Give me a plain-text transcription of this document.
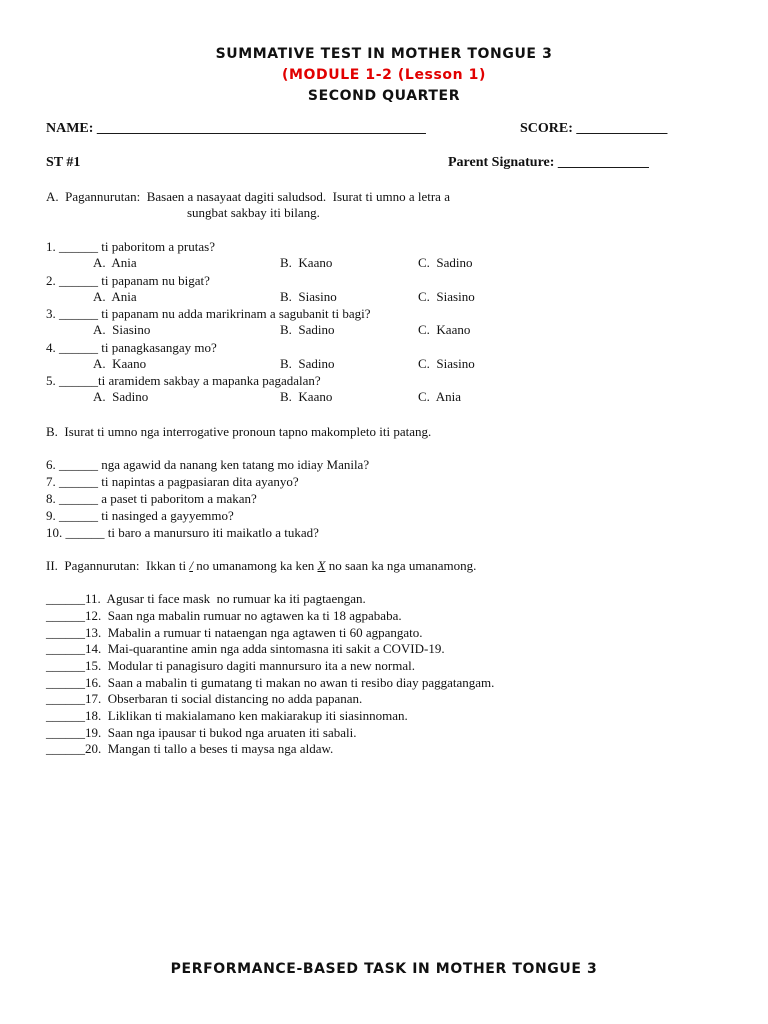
SUMMATIVE TEST IN MOTHER TONGUE 3
(MODULE 1-2 (Lesson 1)
SECOND QUARTER
NAME: _______________________________________________	SCORE: _____________
ST #1	Parent Signature: _____________
A.  Pagannurutan:  Basaen a nasayaat dagiti saludsod.  Isurat ti umno a letra a
sungbat sakbay iti bilang.
1. ______ ti paboritom a prutas?
A.  Ania	B.  Kaano	C.  Sadino
2. ______ ti papanam nu bigat?
A.  Ania	B.  Siasino	C.  Siasino
3. ______ ti papanam nu adda marikrinam a sagubanit ti bagi?
A.  Siasino	B.  Sadino	C.  Kaano
4. ______ ti panagkasangay mo?
A.  Kaano	B.  Sadino	C.  Siasino
5. ______ti aramidem sakbay a mapanka pagadalan?
A.  Sadino	B.  Kaano	C.  Ania
B.  Isurat ti umno nga interrogative pronoun tapno makompleto iti patang.
6. ______ nga agawid da nanang ken tatang mo idiay Manila?
7. ______ ti napintas a pagpasiaran dita ayanyo?
8. ______ a paset ti paboritom a makan?
9. ______ ti nasinged a gayyemmo?
10. ______ ti baro a manursuro iti maikatlo a tukad?
II.  Pagannurutan:  Ikkan ti / no umanamong ka ken X no saan ka nga umanamong.
______11.  Agusar ti face mask  no rumuar ka iti pagtaengan.
______12.  Saan nga mabalin rumuar no agtawen ka ti 18 agpababa.
______13.  Mabalin a rumuar ti nataengan nga agtawen ti 60 agpangato.
______14.  Mai-quarantine amin nga adda sintomasna iti sakit a COVID-19.
______15.  Modular ti panagisuro dagiti mannursuro ita a new normal.
______16.  Saan a mabalin ti gumatang ti makan no awan ti resibo diay paggatangam.
______17.  Obserbaran ti social distancing no adda papanan.
______18.  Liklikan ti makialamano ken makiarakup iti siasinnoman.
______19.  Saan nga ipausar ti bukod nga aruaten iti sabali.
______20.  Mangan ti tallo a beses ti maysa nga aldaw.
PERFORMANCE-BASED TASK IN MOTHER TONGUE 3
